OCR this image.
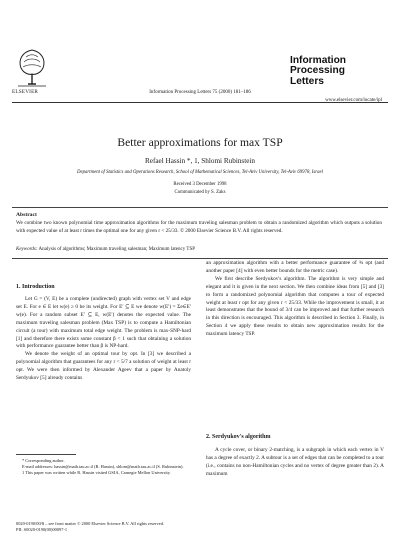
ELSEVIER	Information Processing Letters 75 (2000) 181–186
Information
Processing
Letters
www.elsevier.com/locate/ipl
Better approximations for max TSP
Refael Hassin *, 1, Shlomi Rubinstein
Department of Statistics and Operations Research, School of Mathematical Sciences, Tel-Aviv University, Tel-Aviv 69978, Israel
Received 3 December 1998
Communicated by S. Zaks
Abstract
We combine two known polynomial time approximation algorithms for the maximum traveling salesman problem to obtain a randomized algorithm which outputs a solution with expected value of at least r times the optimal one for any given r < 25/33. © 2000 Elsevier Science B.V. All rights reserved.
Keywords: Analysis of algorithms; Maximum traveling salesman; Maximum latency TSP
1. Introduction

Let G = (V, E) be a complete (undirected) graph with vertex set V and edge set E. For e ∈ E let w(e) ≥ 0 be its weight. For E′ ⊆ E we denote w(E′) = Σe∈E′ w(e). For a random subset E′ ⊆ E, w(E′) denotes the expected value. The maximum traveling salesman problem (Max TSP) is to compute a Hamiltonian circuit (a tour) with maximum total edge weight. The problem is max-SNP-hard [1] and therefore there exists some constant β < 1 such that obtaining a solution with performance guarantee better than β is NP-hard.

We denote the weight of an optimal tour by opt. In [3] we described a polynomial algorithm that guarantees for any r < 5/7 a solution of weight at least r opt. We were then informed by Alexander Ageev that a paper by Anatoly Serdyukov [5] already contains

an approximation algorithm with a better performance guarantee of ¾ opt (and another paper [4] with even better bounds for the metric case).

We first describe Serdyukov's algorithm. The algorithm is very simple and elegant and it is given in the next section. We then combine ideas from [5] and [3] to form a randomized polynomial algorithm that computes a tour of expected weight at least r opt for any given r < 25/33. While the improvement is small, it at least demonstrates that the bound of 3/4 can be improved and that further research in this direction is encouraged. This algorithm is described in Section 3. Finally, in Section 4 we apply these results to obtain new approximation results for the maximum latency TSP.

2. Serdyukov's algorithm

A cycle cover, or binary 2-matching, is a subgraph in which each vertex in V has a degree of exactly 2. A subtour is a set of edges that can be completed to a tour (i.e., contains no non-Hamiltonian cycles and no vertex of degree greater than 2). A maximum

* Corresponding author.
E-mail addresses: hassin@math.tau.ac.il (R. Hassin), shlom@math.tau.ac.il (S. Rubinstein).
1 This paper was written while R. Hassin visited GSIA, Carnegie Mellon University.
0020-0190/00/$ – see front matter © 2000 Elsevier Science B.V. All rights reserved.
PII: S0020-0190(00)00097-1
